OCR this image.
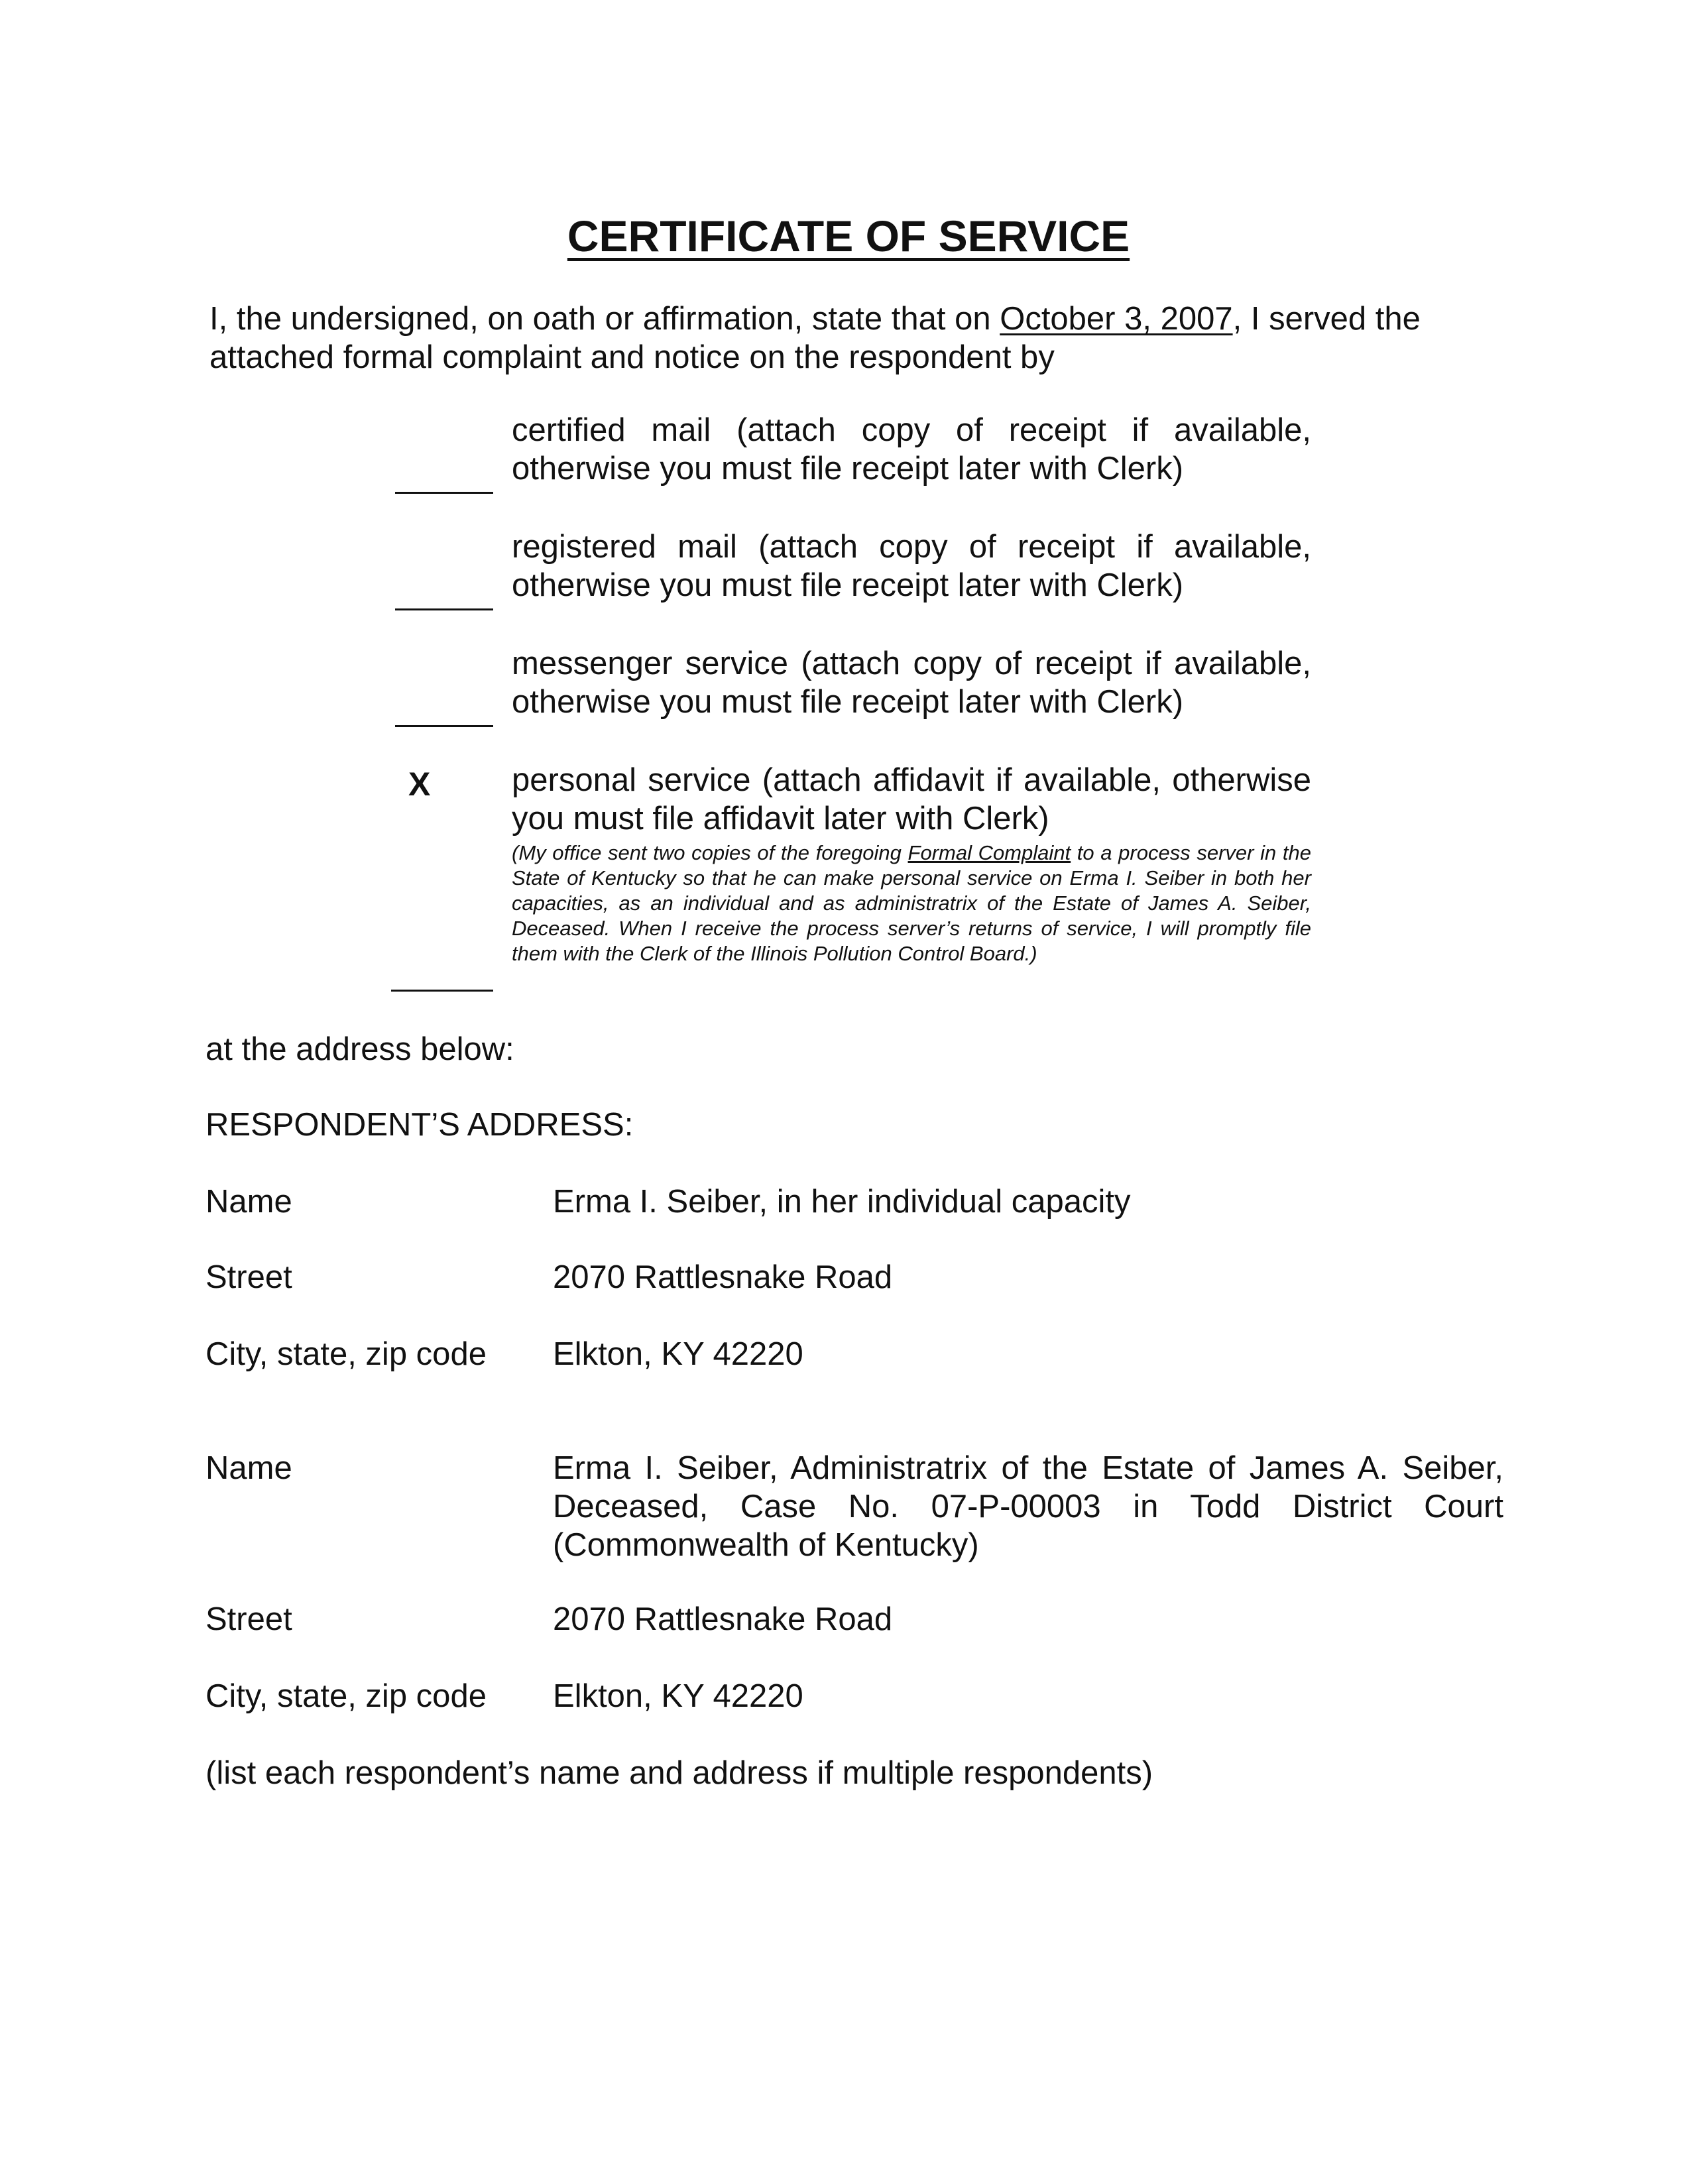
CERTIFICATE OF SERVICE

I, the undersigned, on oath or affirmation, state that on October 3, 2007, I served the attached formal complaint and notice on the respondent by

certified mail (attach copy of receipt if available, otherwise you must file receipt later with Clerk)
registered mail (attach copy of receipt if available, otherwise you must file receipt later with Clerk)
messenger service (attach copy of receipt if available, otherwise you must file receipt later with Clerk)
X	personal service (attach affidavit if available, otherwise you must file affidavit later with Clerk)
(My office sent two copies of the foregoing Formal Complaint to a process server in the State of Kentucky so that he can make personal service on Erma I. Seiber in both her capacities, as an individual and as administratrix of the Estate of James A. Seiber, Deceased. When I receive the process server’s returns of service, I will promptly file them with the Clerk of the Illinois Pollution Control Board.)

at the address below:

RESPONDENT’S ADDRESS:

Name	Erma I. Seiber, in her individual capacity
Street	2070 Rattlesnake Road
City, state, zip code Elkton, KY 42220
Name	Erma I. Seiber, Administratrix of the Estate of James A. Seiber, Deceased, Case No. 07-P-00003 in Todd District Court (Commonwealth of Kentucky)
Street	2070 Rattlesnake Road
City, state, zip code Elkton, KY 42220

(list each respondent’s name and address if multiple respondents)
